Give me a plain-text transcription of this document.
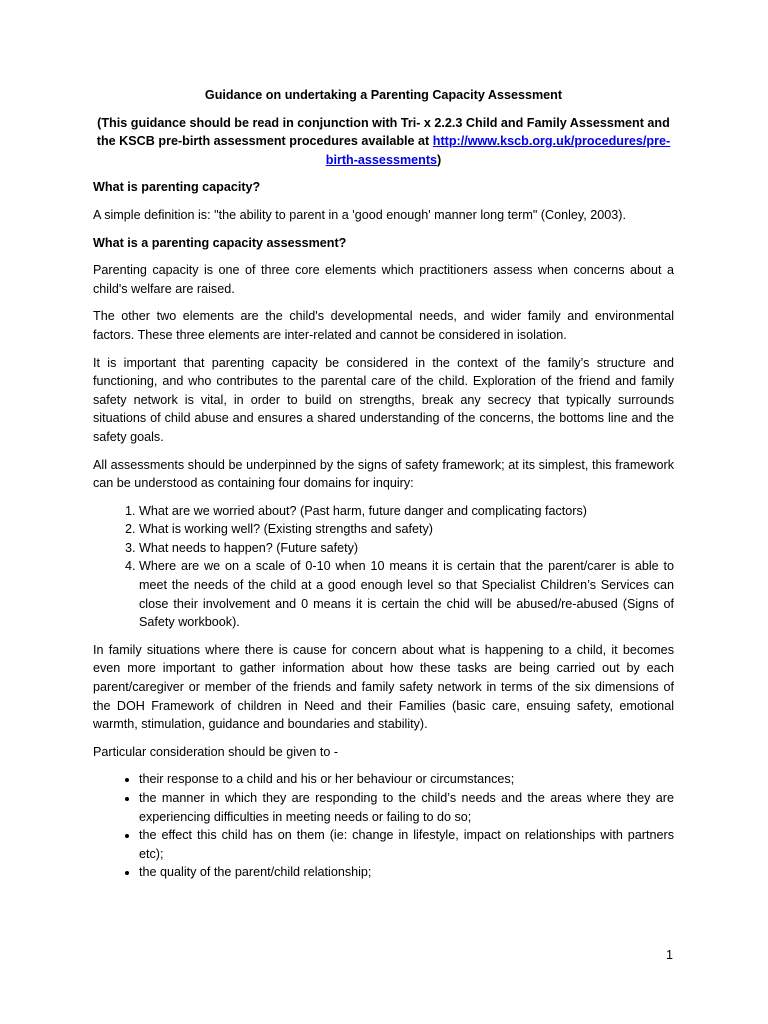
Guidance on undertaking a Parenting Capacity Assessment
(This guidance should be read in conjunction with Tri- x 2.2.3 Child and Family Assessment and the KSCB pre-birth assessment procedures available at http://www.kscb.org.uk/procedures/pre-birth-assessments)
What is parenting capacity?

A simple definition is: "the ability to parent in a 'good enough' manner long term" (Conley, 2003).

What is a parenting capacity assessment?

Parenting capacity is one of three core elements which practitioners assess when concerns about a child's welfare are raised.

The other two elements are the child's developmental needs, and wider family and environmental factors. These three elements are inter-related and cannot be considered in isolation.

It is important that parenting capacity be considered in the context of the family’s structure and functioning, and who contributes to the parental care of the child. Exploration of the friend and family safety network is vital, in order to build on strengths, break any secrecy that typically surrounds situations of child abuse and ensures a shared understanding of the concerns, the bottoms line and the safety goals.

All assessments should be underpinned by the signs of safety framework; at its simplest, this framework can be understood as containing four domains for inquiry:

1. What are we worried about? (Past harm, future danger and complicating factors)
2. What is working well? (Existing strengths and safety)
3. What needs to happen? (Future safety)
4. Where are we on a scale of 0-10 when 10 means it is certain that the parent/carer is able to meet the needs of the child at a good enough level so that Specialist Children’s Services can close their involvement and 0 means it is certain the chid will be abused/re-abused (Signs of Safety workbook).

In family situations where there is cause for concern about what is happening to a child, it becomes even more important to gather information about how these tasks are being carried out by each parent/caregiver or member of the friends and family safety network in terms of the six dimensions of the DOH Framework of children in Need and their Families (basic care, ensuing safety, emotional warmth, stimulation, guidance and boundaries and stability).

Particular consideration should be given to -

• their response to a child and his or her behaviour or circumstances;
• the manner in which they are responding to the child’s needs and the areas where they are experiencing difficulties in meeting needs or failing to do so;
• the effect this child has on them (ie: change in lifestyle, impact on relationships with partners etc);
• the quality of the parent/child relationship;
1
